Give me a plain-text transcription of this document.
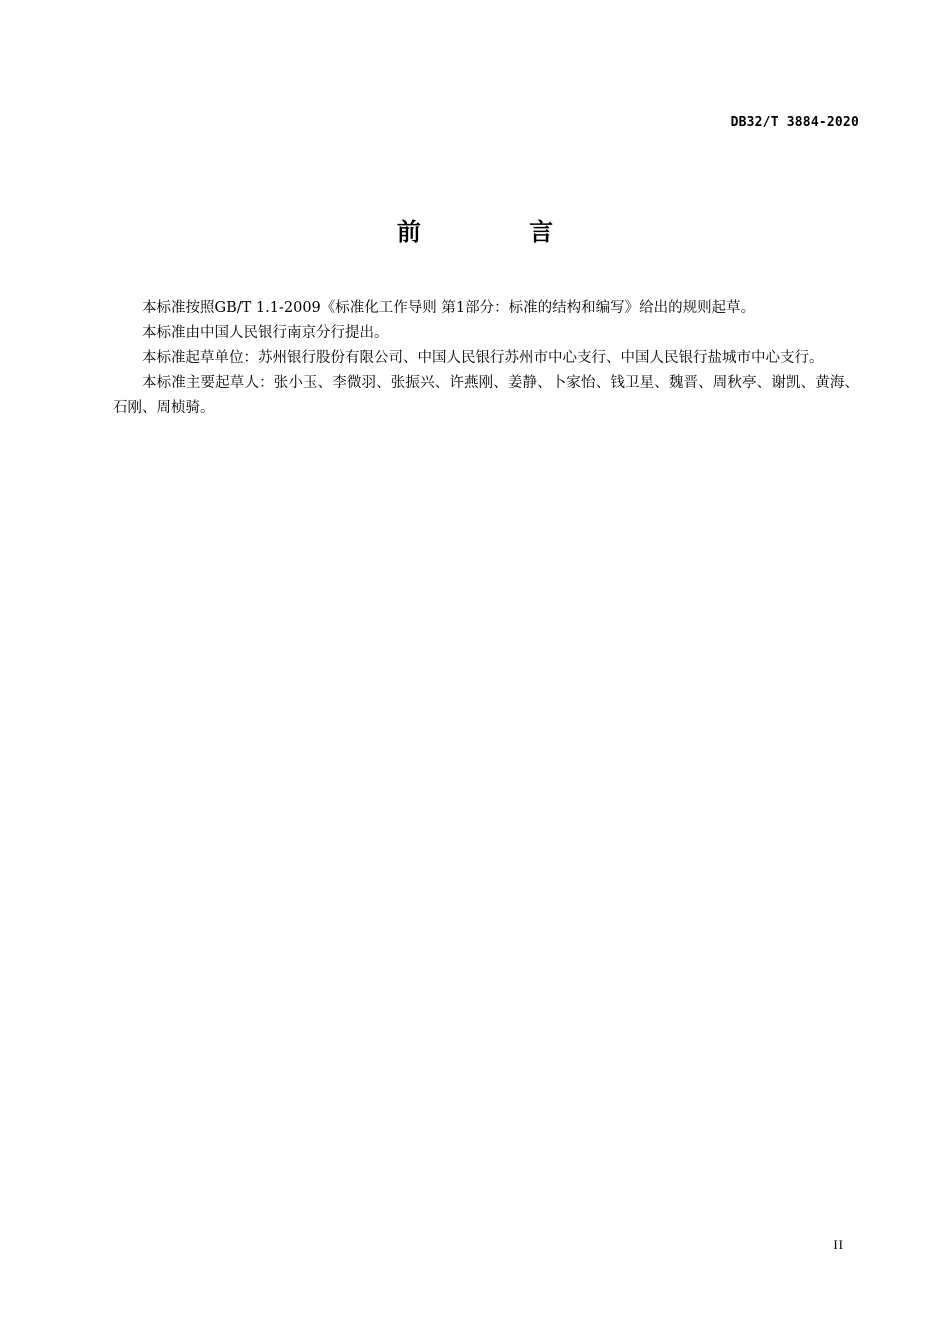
DB32/T 3884-2020
前 言

本标准按照GB/T 1.1-2009《标准化工作导则 第1部分：标准的结构和编写》给出的规则起草。

本标准由中国人民银行南京分行提出。

本标准起草单位：苏州银行股份有限公司、中国人民银行苏州市中心支行、中国人民银行盐城市中心支行。

本标准主要起草人：张小玉、李微羽、张振兴、许燕刚、姜静、卜家怡、钱卫星、魏晋、周秋亭、谢凯、黄海、石刚、周桢骑。

II
